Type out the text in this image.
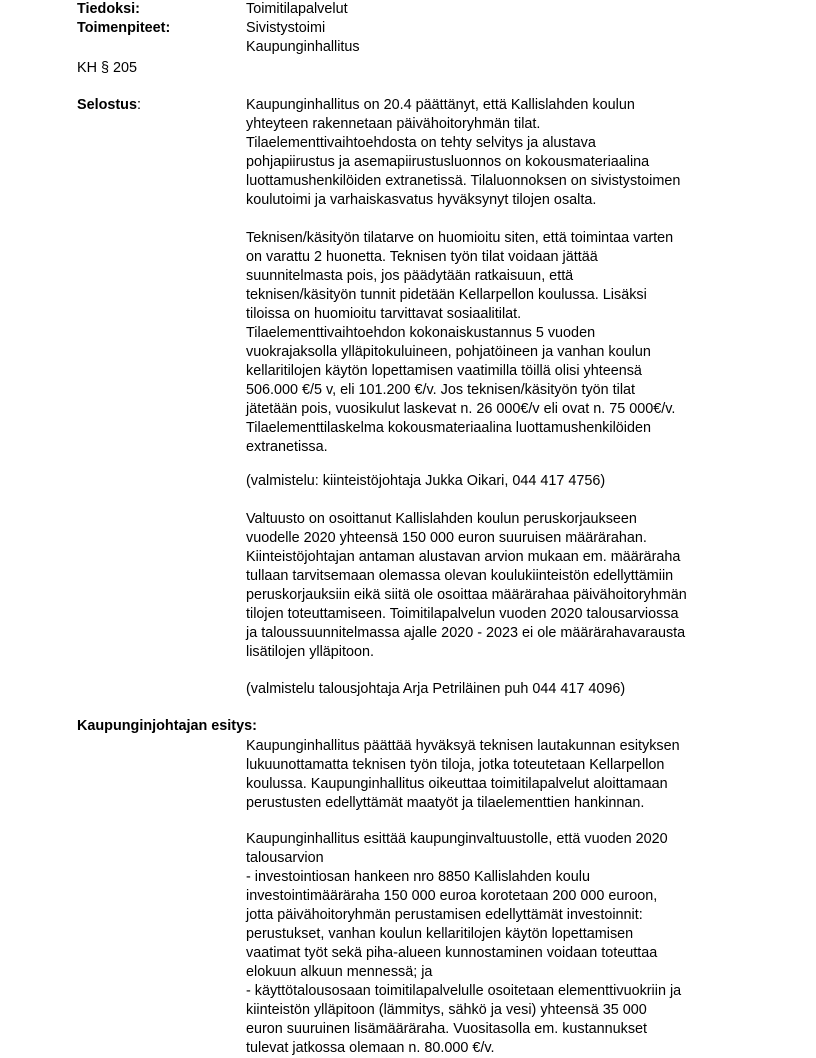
Tiedoksi:	Toimitilapalvelut

Toimenpiteet:	Sivistystoimi

Kaupunginhallitus

KH § 205

Selostus:	Kaupunginhallitus on 20.4 päättänyt, että Kallislahden koulun
yhteyteen rakennetaan päivähoitoryhmän tilat.
Tilaelementtivaihtoehdosta on tehty selvitys ja alustava
pohjapiirustus ja asemapiirustusluonnos on kokousmateriaalina
luottamushenkilöiden extranetissä. Tilaluonnoksen on sivistystoimen
koulutoimi ja varhaiskasvatus hyväksynyt tilojen osalta.
Teknisen/käsityön tilatarve on huomioitu siten, että toimintaa varten
on varattu 2 huonetta. Teknisen työn tilat voidaan jättää
suunnitelmasta pois, jos päädytään ratkaisuun, että
teknisen/käsityön tunnit pidetään Kellarpellon koulussa. Lisäksi
tiloissa on huomioitu tarvittavat sosiaalitilat.
Tilaelementtivaihtoehdon kokonaiskustannus 5 vuoden
vuokrajaksolla ylläpitokuluineen, pohjatöineen ja vanhan koulun
kellaritilojen käytön lopettamisen vaatimilla töillä olisi yhteensä
506.000 €/5 v, eli 101.200 €/v. Jos teknisen/käsityön työn tilat
jätetään pois, vuosikulut laskevat n. 26 000€/v eli ovat n. 75 000€/v.
Tilaelementtilaskelma kokousmateriaalina luottamushenkilöiden
extranetissa.
(valmistelu: kiinteistöjohtaja Jukka Oikari, 044 417 4756)
Valtuusto on osoittanut Kallislahden koulun peruskorjaukseen
vuodelle 2020 yhteensä 150 000 euron suuruisen määrärahan.
Kiinteistöjohtajan antaman alustavan arvion mukaan em. määräraha
tullaan tarvitsemaan olemassa olevan koulukiinteistön edellyttämiin
peruskorjauksiin eikä siitä ole osoittaa määrärahaa päivähoitoryhmän
tilojen toteuttamiseen. Toimitilapalvelun vuoden 2020 talousarviossa
ja taloussuunnitelmassa ajalle 2020 - 2023 ei ole määrärahavarausta
lisätilojen ylläpitoon.
(valmistelu talousjohtaja Arja Petriläinen puh 044 417 4096)

Kaupunginjohtajan esitys:

Kaupunginhallitus päättää hyväksyä teknisen lautakunnan esityksen
lukuunottamatta teknisen työn tiloja, jotka toteutetaan Kellarpellon
koulussa. Kaupunginhallitus oikeuttaa toimitilapalvelut aloittamaan
perustusten edellyttämät maatyöt ja tilaelementtien hankinnan.
Kaupunginhallitus esittää kaupunginvaltuustolle, että vuoden 2020
talousarvion
- investointiosan hankeen nro 8850 Kallislahden koulu
investointimääräraha 150 000 euroa korotetaan 200 000 euroon,
jotta päivähoitoryhmän perustamisen edellyttämät investoinnit:
perustukset, vanhan koulun kellaritilojen käytön lopettamisen
vaatimat työt sekä piha-alueen kunnostaminen voidaan toteuttaa
elokuun alkuun mennessä; ja
- käyttötalousosaan toimitilapalvelulle osoitetaan elementtivuokriin ja
kiinteistön ylläpitoon (lämmitys, sähkö ja vesi) yhteensä 35 000
euron suuruinen lisämääräraha. Vuositasolla em. kustannukset
tulevat jatkossa olemaan n. 80.000 €/v.
